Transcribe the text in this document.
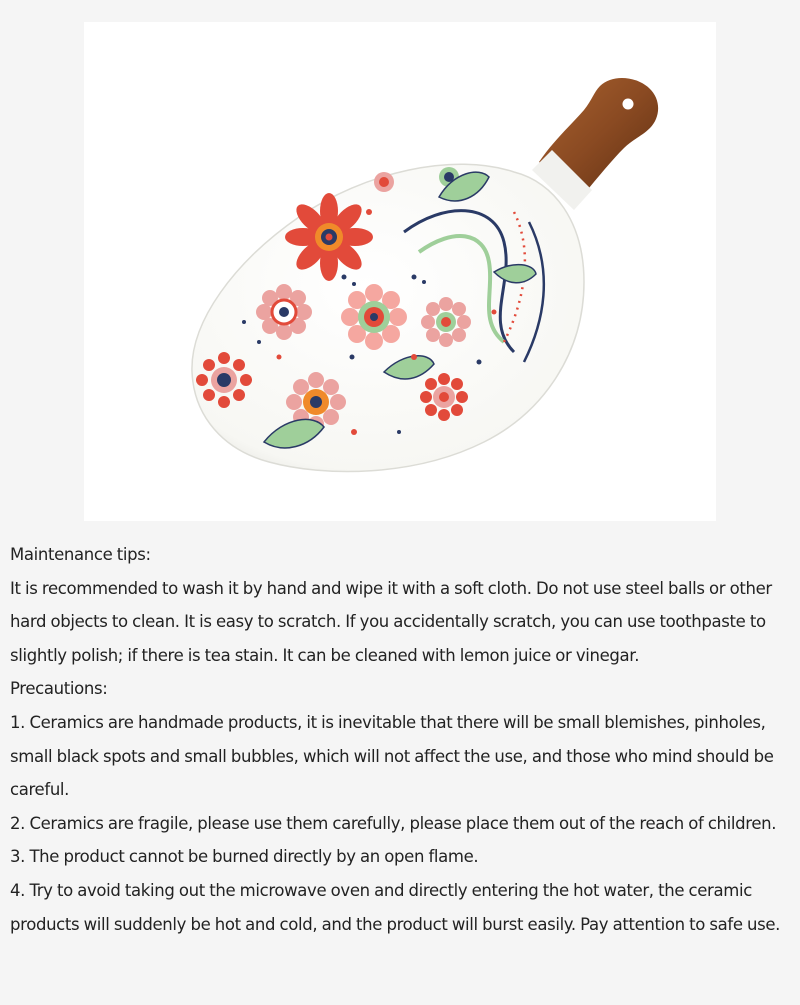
Maintenance tips:

It is recommended to wash it by hand and wipe it with a soft cloth. Do not use steel balls or other hard objects to clean. It is easy to scratch. If you accidentally scratch, you can use toothpaste to slightly polish; if there is tea stain. It can be cleaned with lemon juice or vinegar.

Precautions:

1. Ceramics are handmade products, it is inevitable that there will be small blemishes, pinholes, small black spots and small bubbles, which will not affect the use, and those who mind should be careful.

2. Ceramics are fragile, please use them carefully, please place them out of the reach of children.

3. The product cannot be burned directly by an open flame.

4. Try to avoid taking out the microwave oven and directly entering the hot water, the ceramic products will suddenly be hot and cold, and the product will burst easily. Pay attention to safe use.
